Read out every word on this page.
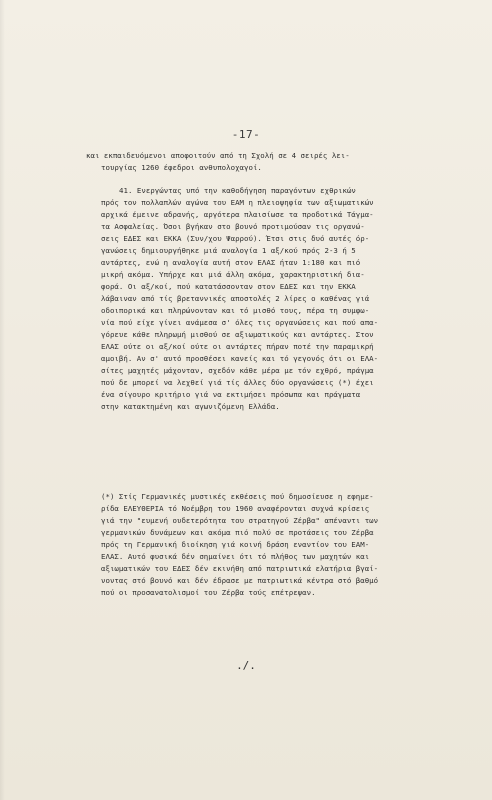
-17-
και εκπαιδευόμενοι αποφοιτούν από τη Σχολή σε 4 σειρές λει-
τουργίας 1260 έφεδροι ανθυπολοχαγοί.
41. Ενεργώντας υπό την καθοδήγηση παραγόντων εχθρικών
πρός τον πολλαπλών αγώνα του ΕΑΜ η πλειοψηφία των αξιωματικών
αρχικά έμεινε αδρανής, αργότερα πλαισίωσε τα προδοτικά Τάγμα-
τα Ασφαλείας. Όσοι βγήκαν στο βουνό προτιμούσαν τις οργανώ-
σεις ΕΔΕΣ και ΕΚΚΑ (Συν/χου Ψαρρού). Έτσι στις δυό αυτές όρ-
γανώσεις δημιουργήθηκε μιά αναλογία 1 αξ/κού πρός 2-3 ή 5
αντάρτες, ενώ η αναλογία αυτή στον ΕΛΑΣ ήταν 1:180 και πιό
μικρή ακόμα. Υπήρχε και μιά άλλη ακόμα, χαρακτηριστική δια-
φορά. Οι αξ/κοί, πού κατατάσσονταν στον ΕΔΕΣ και την ΕΚΚΑ
λάβαιναν από τίς βρεταννικές αποστολές 2 λίρες ο καθένας γιά
οδοιπορικά και πληρώνονταν και τό μισθό τους, πέρα τη συμφω-
νία πού είχε γίνει ανάμεσα σ' όλες τις οργανώσεις και πού απα-
γόρευε κάθε πληρωμή μισθού σε αξιωματικούς και αντάρτες. Στον
ΕΛΑΣ ούτε οι αξ/κοί ούτε οι αντάρτες πήραν ποτέ την παραμικρή
αμοιβή. Αν σ' αυτό προσθέσει κανείς και τό γεγονός ότι οι ΕΛΑ-
σίτες μαχητές μάχονταν, σχεδόν κάθε μέρα με τόν εχθρό, πράγμα
πού δε μπορεί να λεχθεί γιά τίς άλλες δύο οργανώσεις (*) έχει
ένα σίγουρο κριτήριο γιά να εκτιμήσει πρόσωπα και πράγματα
στην κατακτημένη και αγωνιζόμενη Ελλάδα.
(*) Στίς Γερμανικές μυστικές εκθέσεις πού δημοσίευσε η εφημε-
ρίδα ΕΛΕΥΘΕΡΙΑ τό Νοέμβρη του 1960 αναφέρονται συχνά κρίσεις
γιά την "ευμενή ουδετερότητα του στρατηγού Ζέρβα" απέναντι των
γερμανικών δυνάμεων και ακόμα πιό πολύ σε προτάσεις του Ζέρβα
πρός τη Γερμανική διοίκηση γιά κοινή δράση εναντίον του ΕΑΜ-
ΕΛΑΣ. Αυτό φυσικά δέν σημαίνει ότι τό πλήθος των μαχητών και
αξιωματικών του ΕΔΕΣ δέν εκινήθη από πατριωτικά ελατήρια βγαί-
νοντας στό βουνό και δέν έδρασε με πατριωτικά κέντρα στό βαθμό
πού οι προσανατολισμοί του Ζέρβα τούς επέτρεψαν.
./.
